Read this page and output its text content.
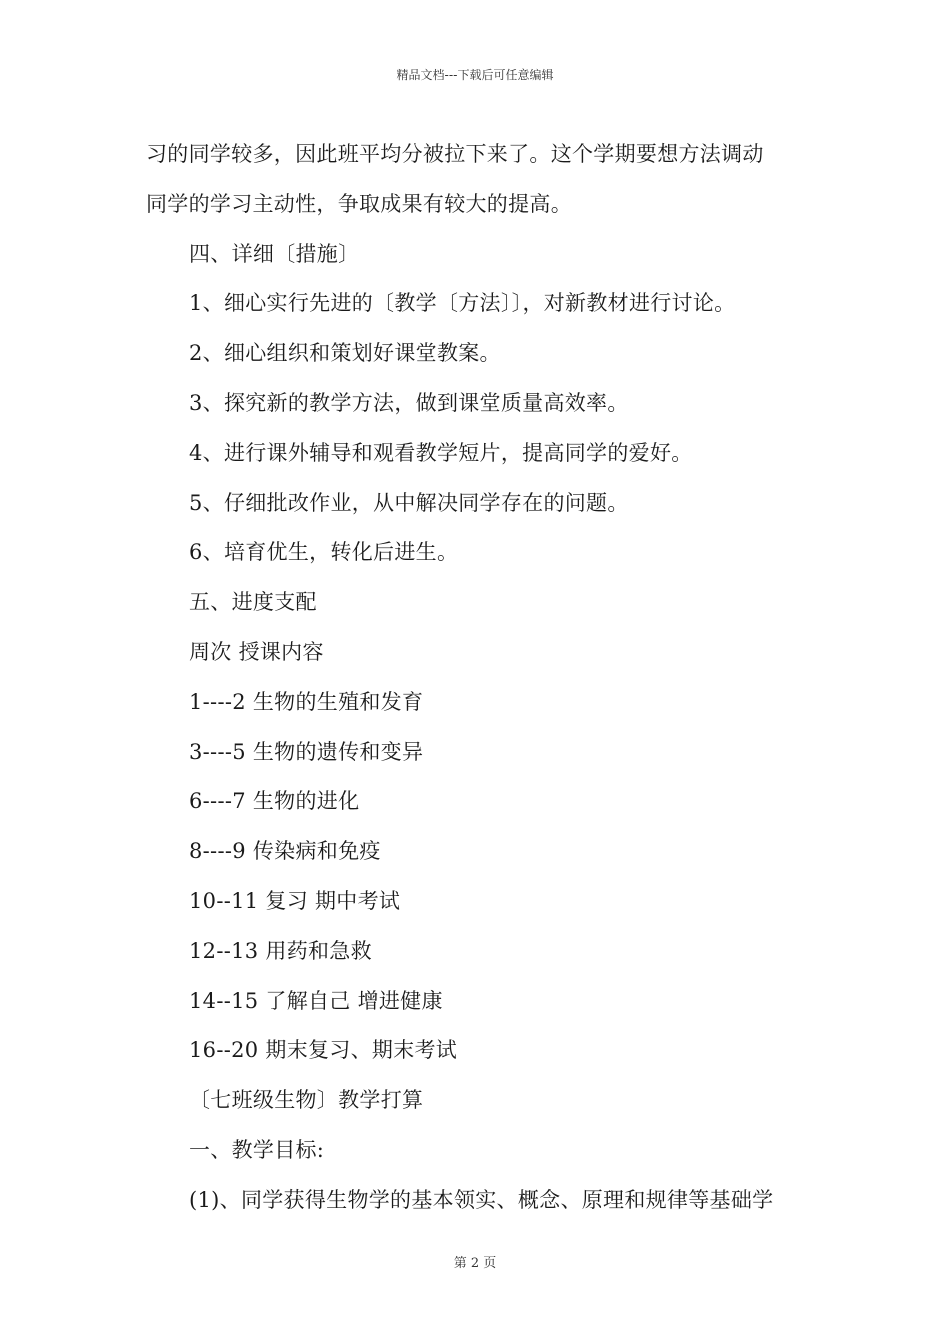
精品文档---下载后可任意编辑
习的同学较多，因此班平均分被拉下来了。这个学期要想方法调动
同学的学习主动性，争取成果有较大的提高。
四、详细〔措施〕
1、细心实行先进的〔教学〔方法〕〕，对新教材进行讨论。
2、细心组织和策划好课堂教案。
3、探究新的教学方法，做到课堂质量高效率。
4、进行课外辅导和观看教学短片，提高同学的爱好。
5、仔细批改作业，从中解决同学存在的问题。
6、培育优生，转化后进生。
五、进度支配
周次 授课内容
1----2 生物的生殖和发育
3----5 生物的遗传和变异
6----7 生物的进化
8----9 传染病和免疫
10--11 复习 期中考试
12--13 用药和急救
14--15 了解自己 增进健康
16--20 期末复习、期末考试
〔七班级生物〕教学打算
一、教学目标:
(1)、同学获得生物学的基本领实、概念、原理和规律等基础学
第 2 页
